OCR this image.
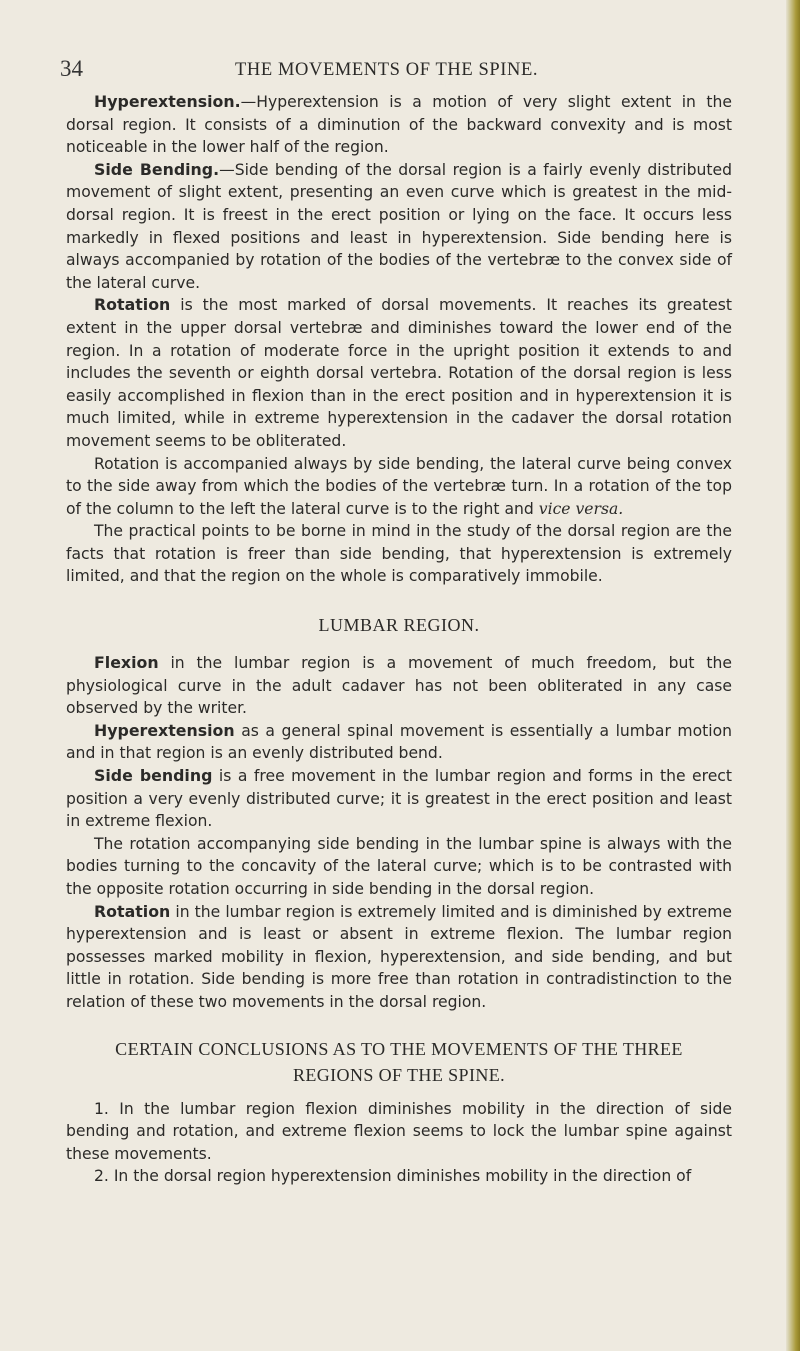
34	THE MOVEMENTS OF THE SPINE.

Hyperextension.—Hyperextension is a motion of very slight extent in the dorsal region. It consists of a diminution of the backward convexity and is most noticeable in the lower half of the region.

Side Bending.—Side bending of the dorsal region is a fairly evenly distributed movement of slight extent, presenting an even curve which is greatest in the mid-dorsal region. It is freest in the erect position or lying on the face. It occurs less markedly in flexed positions and least in hyperextension. Side bending here is always accompanied by rotation of the bodies of the vertebræ to the convex side of the lateral curve.

Rotation is the most marked of dorsal movements. It reaches its greatest extent in the upper dorsal vertebræ and diminishes toward the lower end of the region. In a rotation of moderate force in the upright position it extends to and includes the seventh or eighth dorsal vertebra. Rotation of the dorsal region is less easily accomplished in flexion than in the erect position and in hyperextension it is much limited, while in extreme hyperextension in the cadaver the dorsal rotation movement seems to be obliterated.

Rotation is accompanied always by side bending, the lateral curve being convex to the side away from which the bodies of the vertebræ turn. In a rotation of the top of the column to the left the lateral curve is to the right and vice versa.

The practical points to be borne in mind in the study of the dorsal region are the facts that rotation is freer than side bending, that hyperextension is extremely limited, and that the region on the whole is comparatively immobile.

LUMBAR REGION.

Flexion in the lumbar region is a movement of much freedom, but the physiological curve in the adult cadaver has not been obliterated in any case observed by the writer.

Hyperextension as a general spinal movement is essentially a lumbar motion and in that region is an evenly distributed bend.

Side bending is a free movement in the lumbar region and forms in the erect position a very evenly distributed curve; it is greatest in the erect position and least in extreme flexion.

The rotation accompanying side bending in the lumbar spine is always with the bodies turning to the concavity of the lateral curve; which is to be contrasted with the opposite rotation occurring in side bending in the dorsal region.

Rotation in the lumbar region is extremely limited and is diminished by extreme hyperextension and is least or absent in extreme flexion. The lumbar region possesses marked mobility in flexion, hyperextension, and side bending, and but little in rotation. Side bending is more free than rotation in contradistinction to the relation of these two movements in the dorsal region.

CERTAIN CONCLUSIONS AS TO THE MOVEMENTS OF THE THREE
REGIONS OF THE SPINE.

1. In the lumbar region flexion diminishes mobility in the direction of side bending and rotation, and extreme flexion seems to lock the lumbar spine against these movements.

2. In the dorsal region hyperextension diminishes mobility in the direction of
